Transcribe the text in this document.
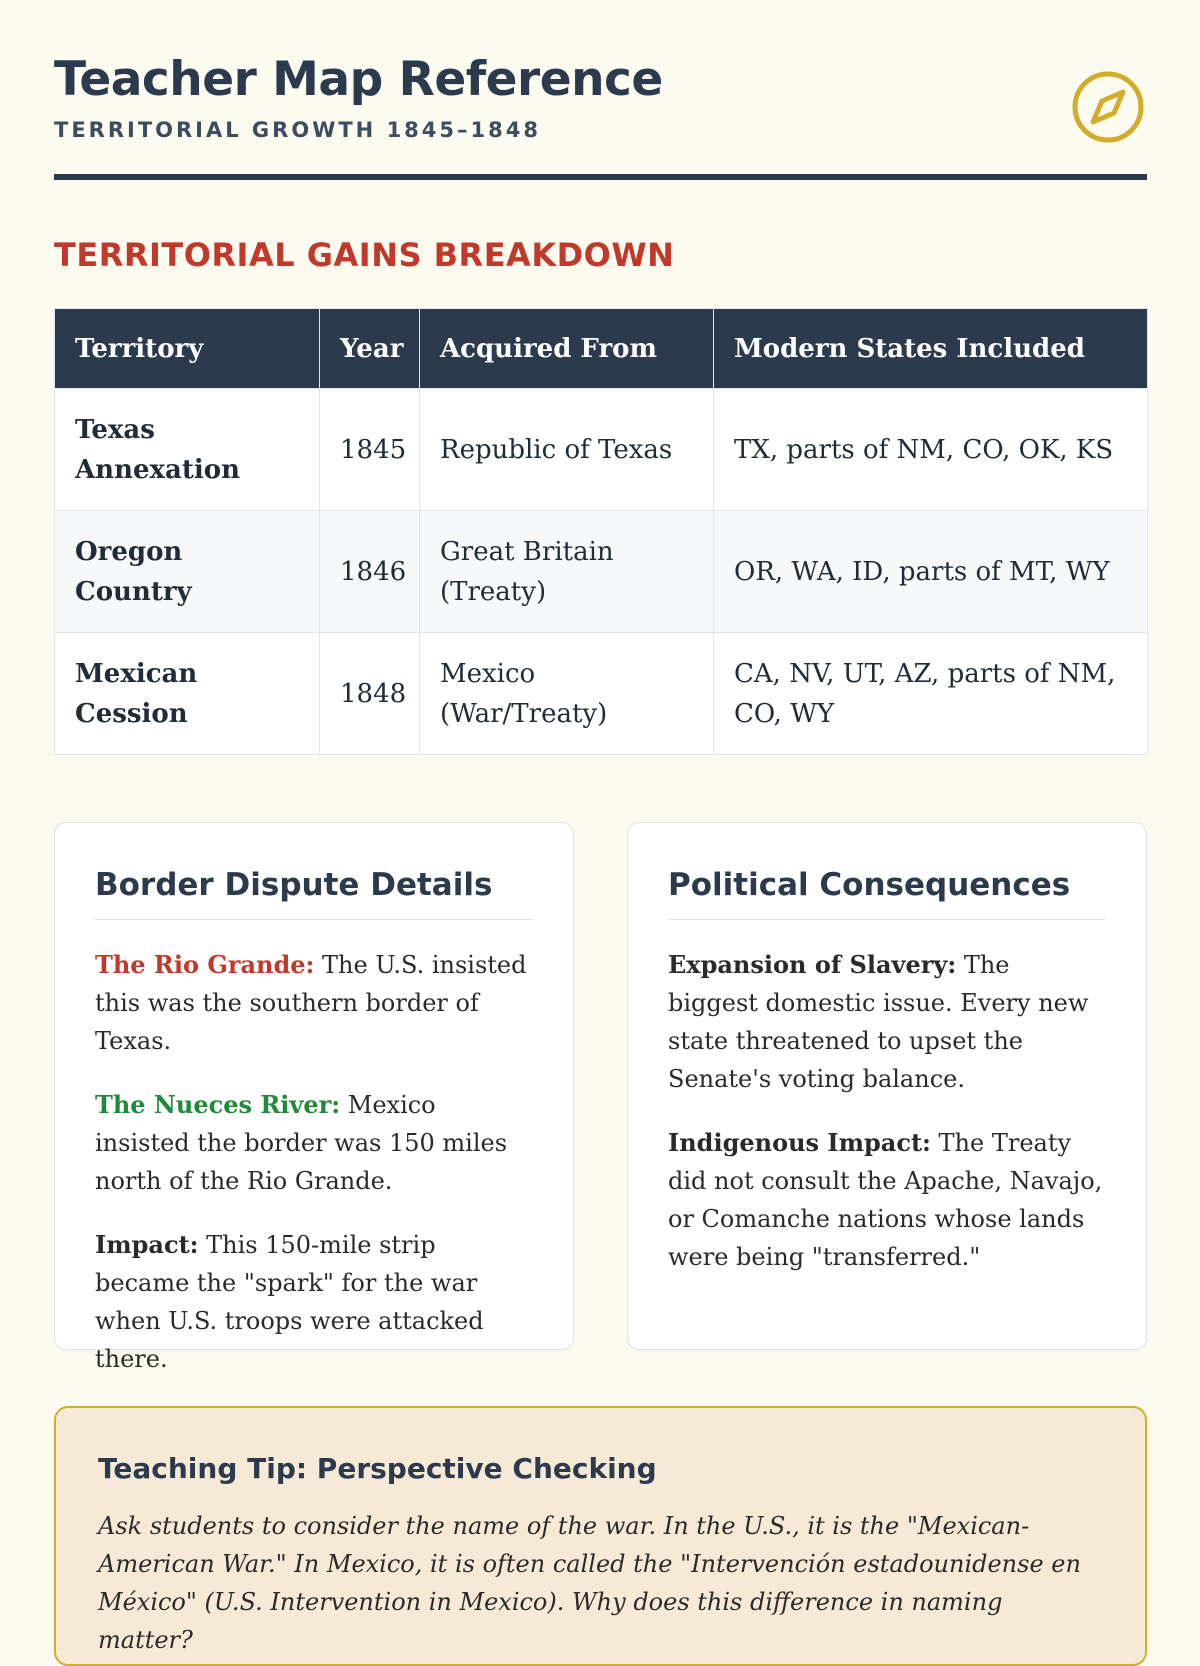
Teacher Map Reference
TERRITORIAL GROWTH 1845–1848
TERRITORIAL GAINS BREAKDOWN
Territory	Year	Acquired From	Modern States Included
Texas Annexation	1845	Republic of Texas	TX, parts of NM, CO, OK, KS
Oregon Country	1846	Great Britain (Treaty)	OR, WA, ID, parts of MT, WY
Mexican Cession	1848	Mexico (War/Treaty)	CA, NV, UT, AZ, parts of NM, CO, WY
Border Dispute Details

The Rio Grande: The U.S. insisted this was the southern border of Texas.

The Nueces River: Mexico insisted the border was 150 miles north of the Rio Grande.

Impact: This 150-mile strip became the "spark" for the war when U.S. troops were attacked there.

Political Consequences

Expansion of Slavery: The biggest domestic issue. Every new state threatened to upset the Senate's voting balance.

Indigenous Impact: The Treaty did not consult the Apache, Navajo, or Comanche nations whose lands were being "transferred."

Teaching Tip: Perspective Checking

Ask students to consider the name of the war. In the U.S., it is the "Mexican-American War." In Mexico, it is often called the "Intervención estadounidense en México" (U.S. Intervention in Mexico). Why does this difference in naming matter?
